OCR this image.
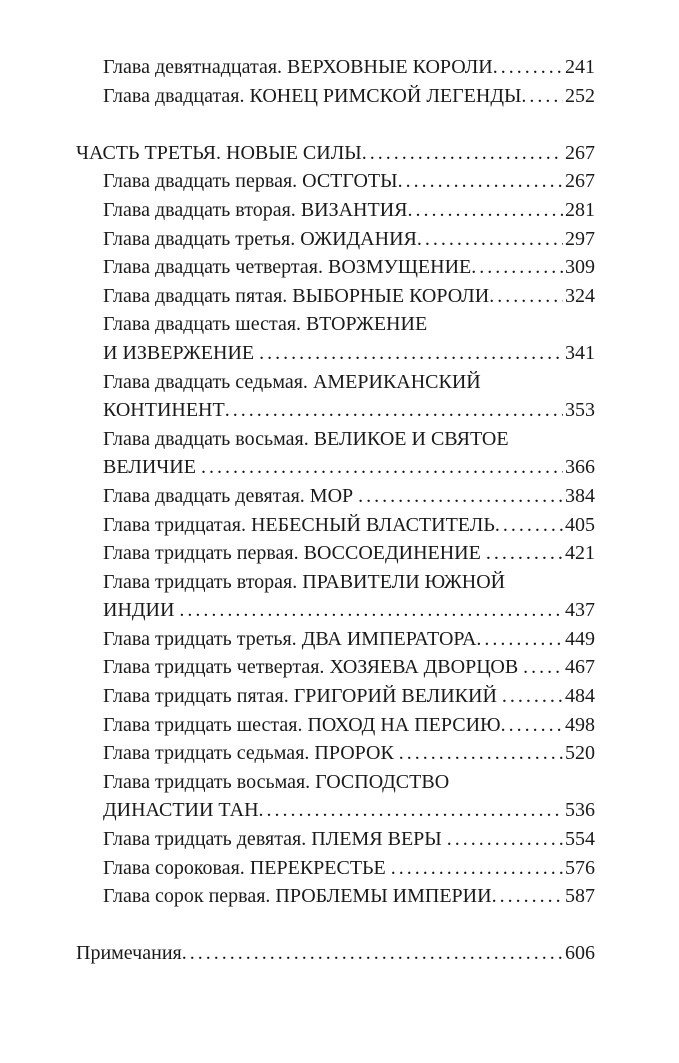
Глава девятнадцатая. ВЕРХОВНЫЕ КОРОЛИ .....	241
Глава двадцатая. КОНЕЦ РИМСКОЙ ЛЕГЕНДЫ ..... 252
ЧАСТЬ ТРЕТЬЯ. НОВЫЕ СИЛЫ .....	267
Глава двадцать первая. ОСТГОТЫ .....	267
Глава двадцать вторая. ВИЗАНТИЯ .....	281
Глава двадцать третья. ОЖИДАНИЯ .....	297
Глава двадцать четвертая. ВОЗМУЩЕНИЕ .....	309
Глава двадцать пятая. ВЫБОРНЫЕ КОРОЛИ .....	324
Глава двадцать шестая. ВТОРЖЕНИЕ
И ИЗВЕРЖЕНИЕ .....	341
Глава двадцать седьмая. АМЕРИКАНСКИЙ
КОНТИНЕНТ .....	353
Глава двадцать восьмая. ВЕЛИКОЕ И СВЯТОЕ
ВЕЛИЧИЕ .....	366
Глава двадцать девятая. МОР .....	384
Глава тридцатая. НЕБЕСНЫЙ ВЛАСТИТЕЛЬ .....	405
Глава тридцать первая. ВОССОЕДИНЕНИЕ .....	421
Глава тридцать вторая. ПРАВИТЕЛИ ЮЖНОЙ
ИНДИИ .....	437
Глава тридцать третья. ДВА ИМПЕРАТОРА .....	449
Глава тридцать четвертая. ХОЗЯЕВА ДВОРЦОВ ..... 467
Глава тридцать пятая. ГРИГОРИЙ ВЕЛИКИЙ .....	484
Глава тридцать шестая. ПОХОД НА ПЕРСИЮ .....	498
Глава тридцать седьмая. ПРОРОК .....	520
Глава тридцать восьмая. ГОСПОДСТВО
ДИНАСТИИ ТАН .....	536
Глава тридцать девятая. ПЛЕМЯ ВЕРЫ .....	554
Глава сороковая. ПЕРЕКРЕСТЬЕ .....	576
Глава сорок первая. ПРОБЛЕМЫ ИМПЕРИИ .....	587
Примечания .....	606
